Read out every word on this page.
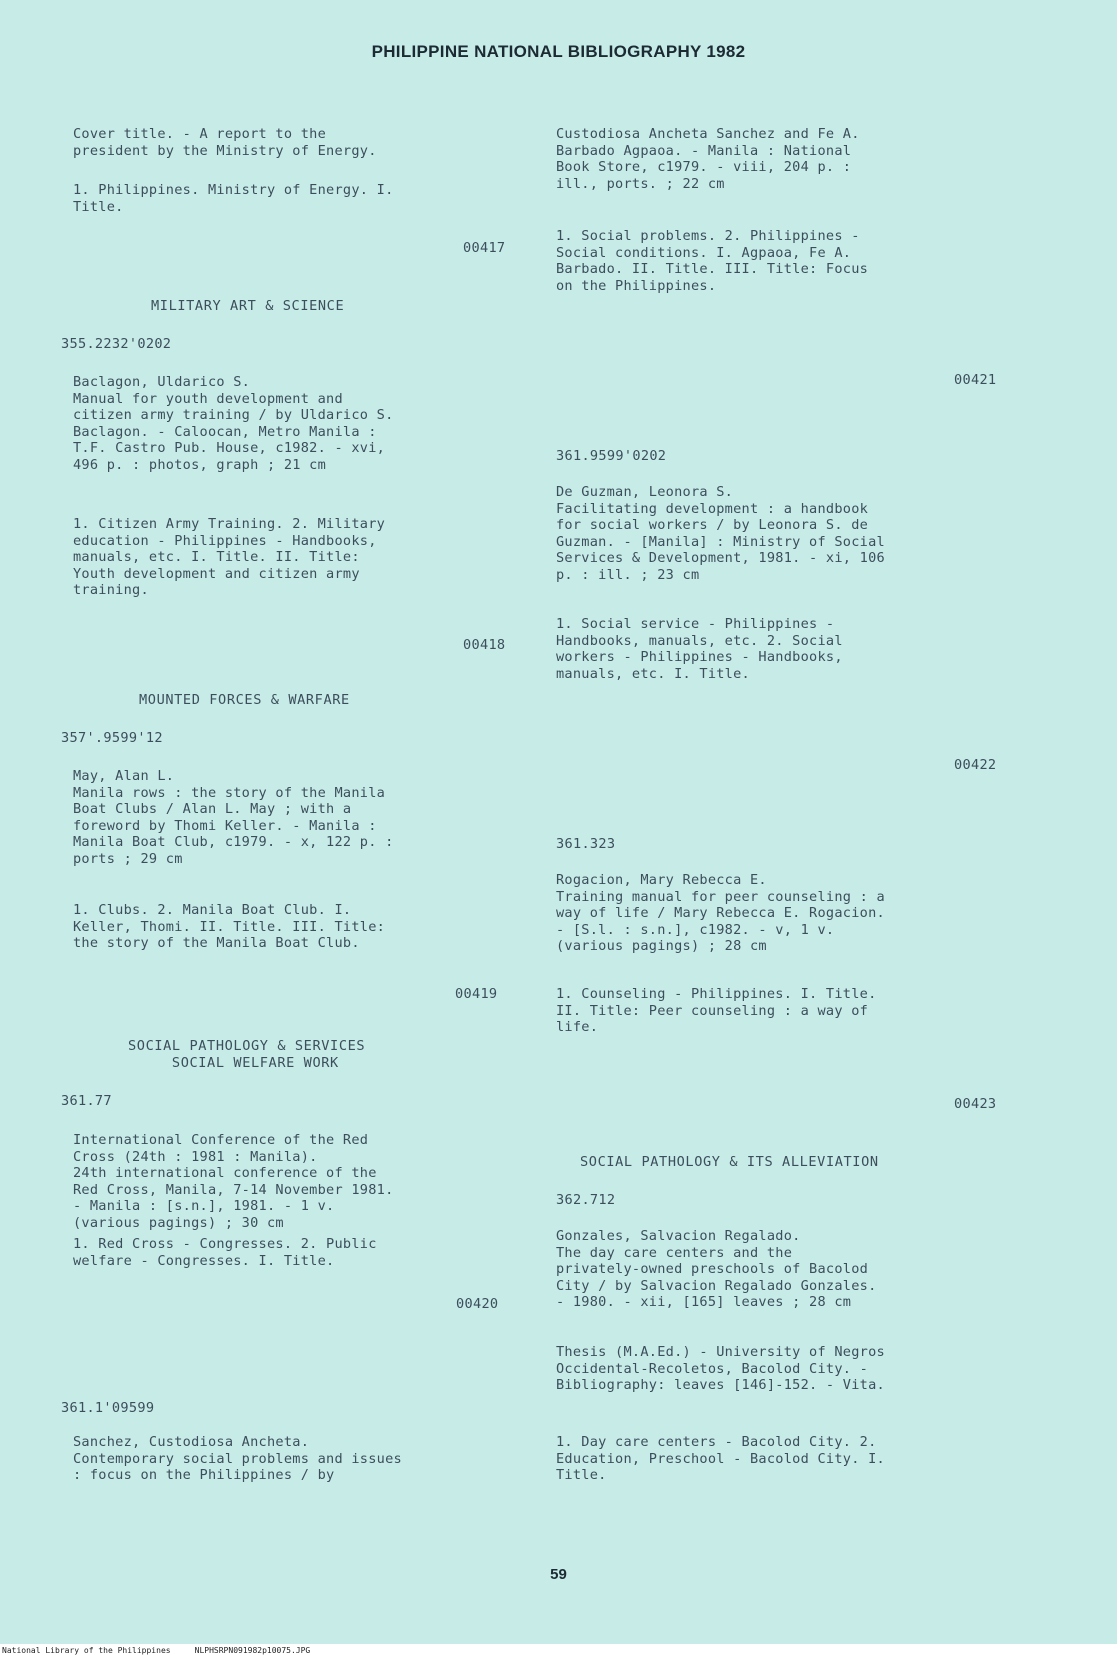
PHILIPPINE NATIONAL BIBLIOGRAPHY 1982
Cover title. - A report to the
president by the Ministry of Energy.
1. Philippines. Ministry of Energy. I.
Title.
00417
MILITARY ART & SCIENCE
355.2232'0202
Baclagon, Uldarico S.
Manual for youth development and
citizen army training / by Uldarico S.
Baclagon. - Caloocan, Metro Manila :
T.F. Castro Pub. House, c1982. - xvi,
496 p. : photos, graph ; 21 cm
1. Citizen Army Training. 2. Military
education - Philippines - Handbooks,
manuals, etc. I. Title. II. Title:
Youth development and citizen army
training.
00418
MOUNTED FORCES & WARFARE
357'.9599'12
May, Alan L.
Manila rows : the story of the Manila
Boat Clubs / Alan L. May ; with a
foreword by Thomi Keller. - Manila :
Manila Boat Club, c1979. - x, 122 p. :
ports ; 29 cm
1. Clubs. 2. Manila Boat Club. I.
Keller, Thomi. II. Title. III. Title:
the story of the Manila Boat Club.
00419
SOCIAL PATHOLOGY & SERVICES
SOCIAL WELFARE WORK
361.77
International Conference of the Red
Cross (24th : 1981 : Manila).
24th international conference of the
Red Cross, Manila, 7-14 November 1981.
- Manila : [s.n.], 1981. - 1 v.
(various pagings) ; 30 cm
1. Red Cross - Congresses. 2. Public
welfare - Congresses. I. Title.
00420
361.1'09599
Sanchez, Custodiosa Ancheta.
Contemporary social problems and issues
: focus on the Philippines / by
Custodiosa Ancheta Sanchez and Fe A.
Barbado Agpaoa. - Manila : National
Book Store, c1979. - viii, 204 p. :
ill., ports. ; 22 cm
1. Social problems. 2. Philippines -
Social conditions. I. Agpaoa, Fe A.
Barbado. II. Title. III. Title: Focus
on the Philippines.
00421
361.9599'0202
De Guzman, Leonora S.
Facilitating development : a handbook
for social workers / by Leonora S. de
Guzman. - [Manila] : Ministry of Social
Services & Development, 1981. - xi, 106
p. : ill. ; 23 cm
1. Social service - Philippines -
Handbooks, manuals, etc. 2. Social
workers - Philippines - Handbooks,
manuals, etc. I. Title.
00422
361.323
Rogacion, Mary Rebecca E.
Training manual for peer counseling : a
way of life / Mary Rebecca E. Rogacion.
- [S.l. : s.n.], c1982. - v, 1 v.
(various pagings) ; 28 cm
1. Counseling - Philippines. I. Title.
II. Title: Peer counseling : a way of
life.
00423
SOCIAL PATHOLOGY & ITS ALLEVIATION
362.712
Gonzales, Salvacion Regalado.
The day care centers and the
privately-owned preschools of Bacolod
City / by Salvacion Regalado Gonzales.
- 1980. - xii, [165] leaves ; 28 cm
Thesis (M.A.Ed.) - University of Negros
Occidental-Recoletos, Bacolod City. -
Bibliography: leaves [146]-152. - Vita.
1. Day care centers - Bacolod City. 2.
Education, Preschool - Bacolod City. I.
Title.
59
National Library of the Philippines     NLPHSRPN091982p10075.JPG
